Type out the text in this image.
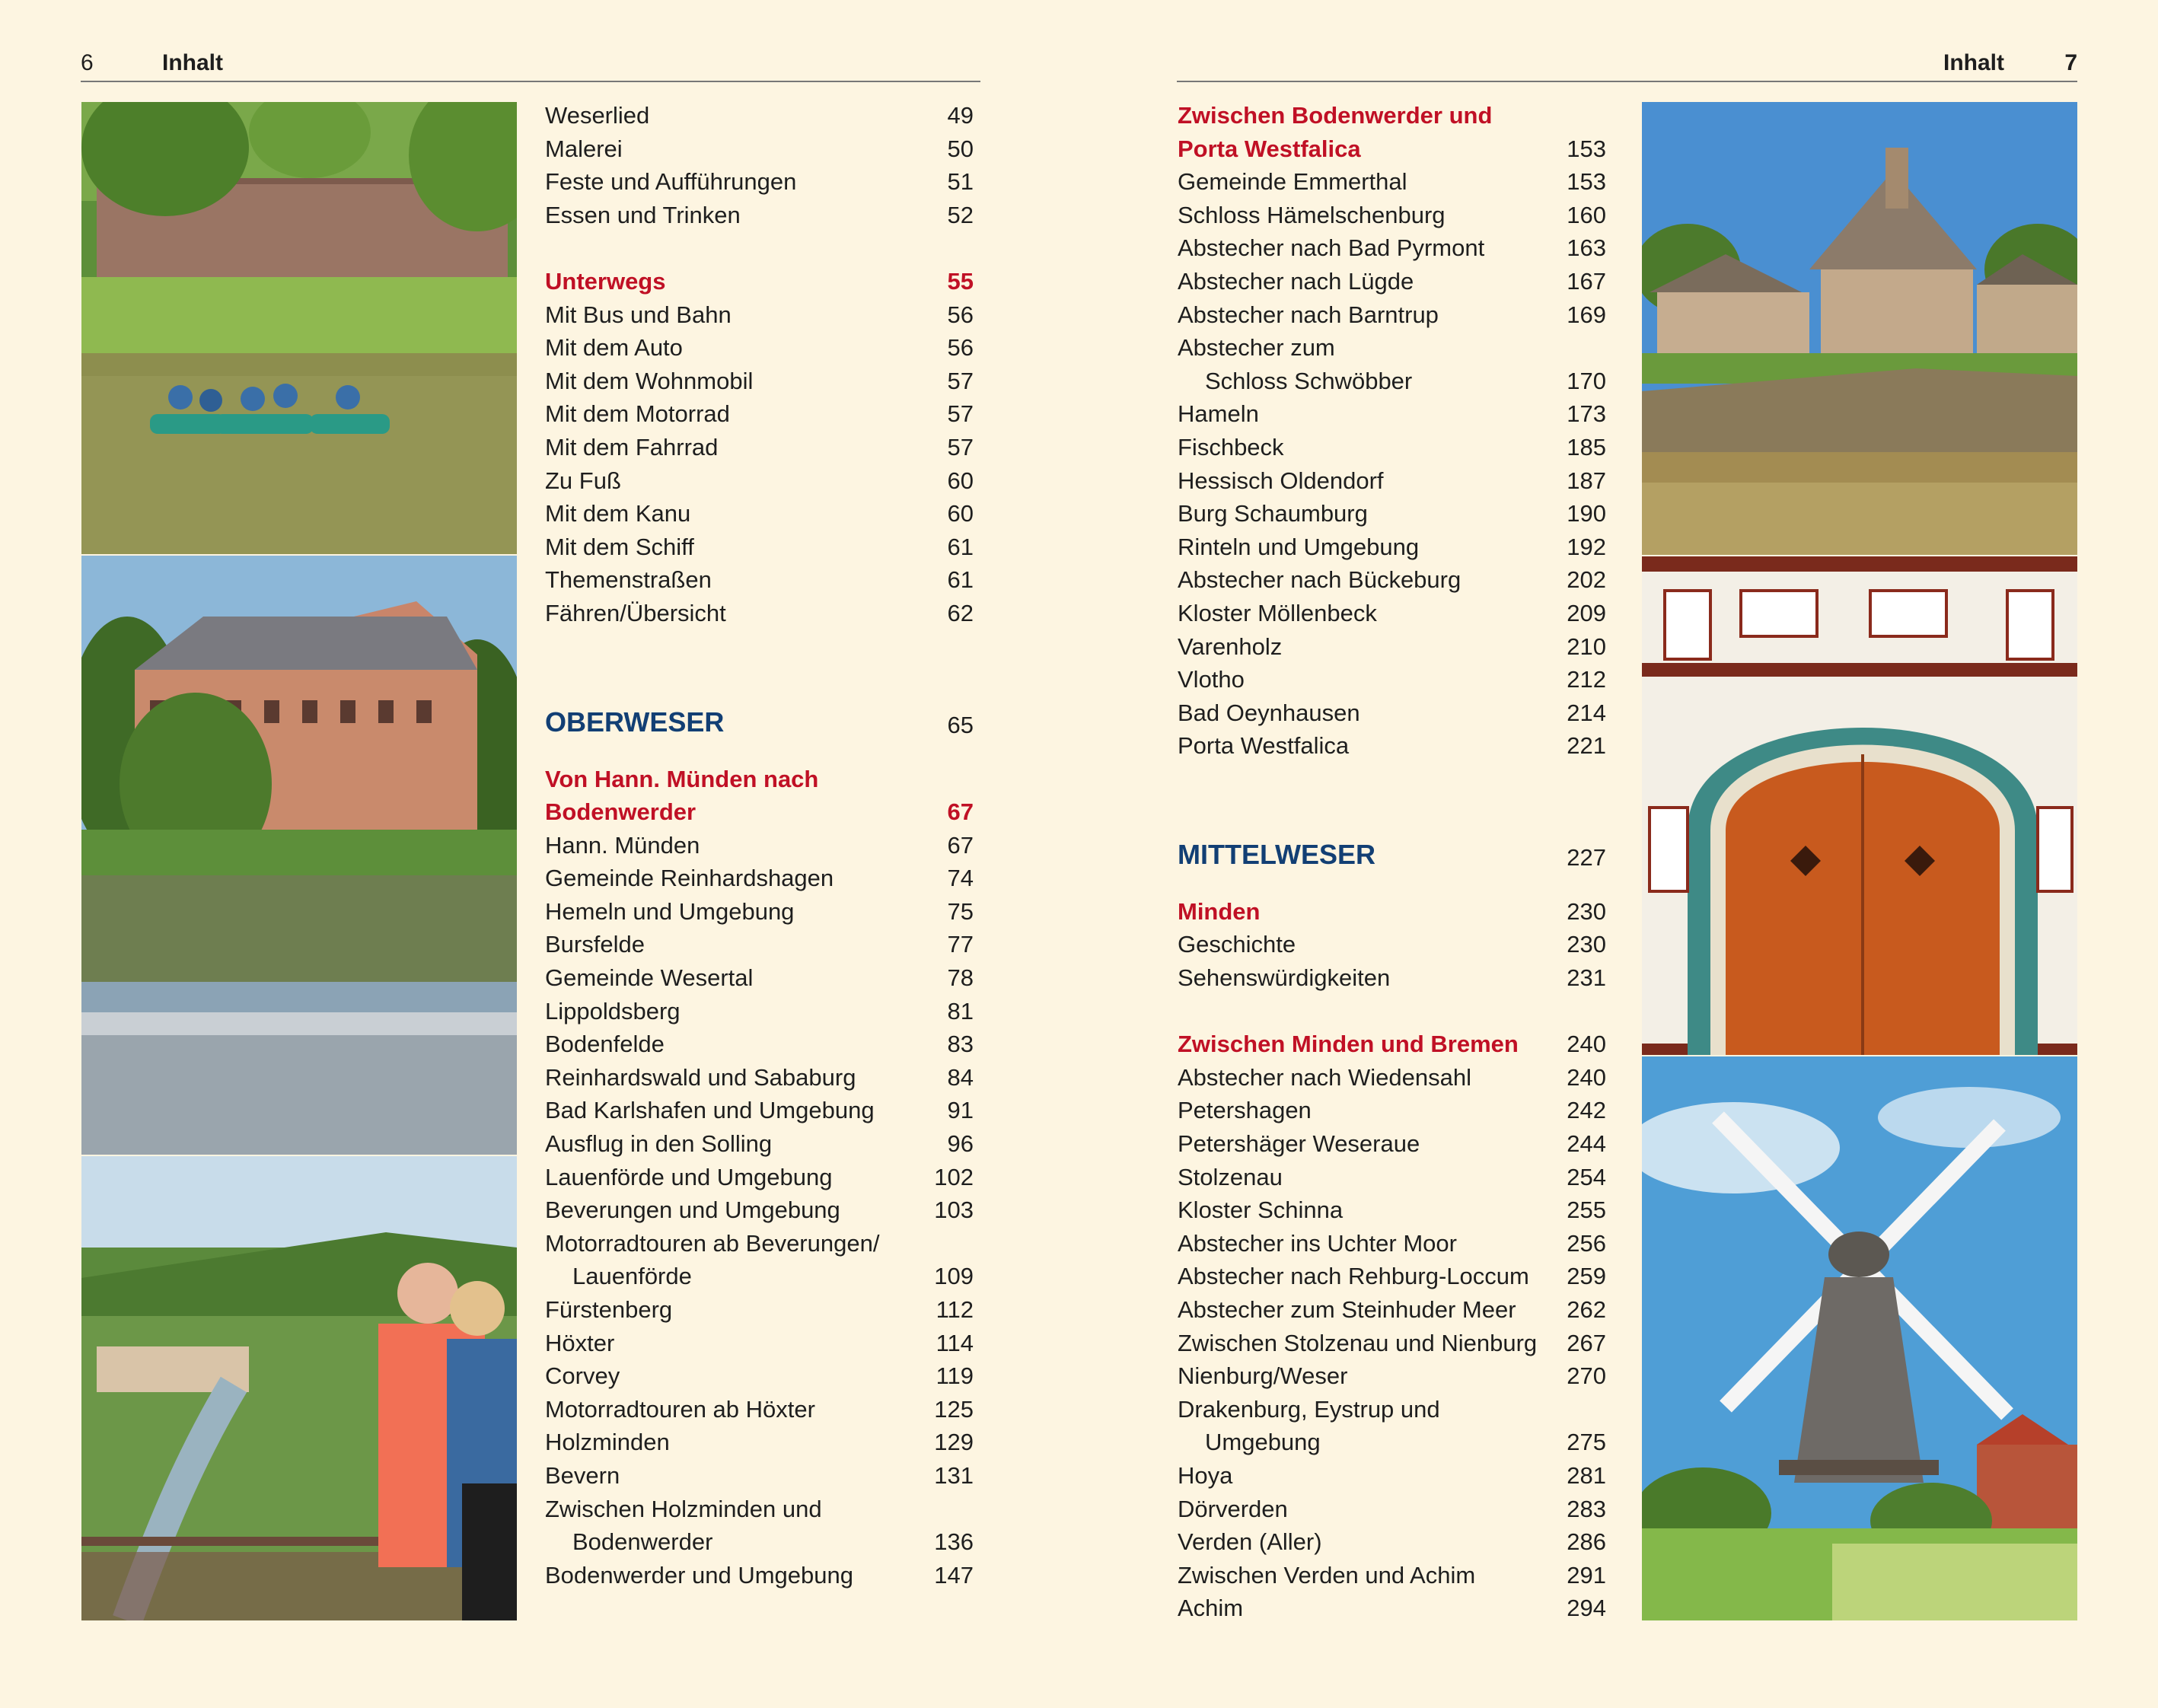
6	Inhalt	Inhalt	7
Weserlied	49
Malerei	50
Feste und Aufführungen	51
Essen und Trinken	52
Unterwegs	55
Mit Bus und Bahn	56
Mit dem Auto	56
Mit dem Wohnmobil	57
Mit dem Motorrad	57
Mit dem Fahrrad	57
Zu Fuß	60
Mit dem Kanu	60
Mit dem Schiff	61
Themenstraßen	61
Fähren/Übersicht	62
OBERWESER	65
Von Hann. Münden nach
Bodenwerder	67
Hann. Münden	67
Gemeinde Reinhardshagen	74
Hemeln und Umgebung	75
Bursfelde	77
Gemeinde Wesertal	78
Lippoldsberg	81
Bodenfelde	83
Reinhardswald und Sababurg	84
Bad Karlshafen und Umgebung	91
Ausflug in den Solling	96
Lauenförde und Umgebung	102
Beverungen und Umgebung	103
Motorradtouren ab Beverungen/
Lauenförde	109
Fürstenberg	112
Höxter	114
Corvey	119
Motorradtouren ab Höxter	125
Holzminden	129
Bevern	131
Zwischen Holzminden und
Bodenwerder	136
Bodenwerder und Umgebung	147
Zwischen Bodenwerder und
Porta Westfalica	153
Gemeinde Emmerthal	153
Schloss Hämelschenburg	160
Abstecher nach Bad Pyrmont	163
Abstecher nach Lügde	167
Abstecher nach Barntrup	169
Abstecher zum
Schloss Schwöbber	170
Hameln	173
Fischbeck	185
Hessisch Oldendorf	187
Burg Schaumburg	190
Rinteln und Umgebung	192
Abstecher nach Bückeburg	202
Kloster Möllenbeck	209
Varenholz	210
Vlotho	212
Bad Oeynhausen	214
Porta Westfalica	221
MITTELWESER	227
Minden	230
Geschichte	230
Sehenswürdigkeiten	231
Zwischen Minden und Bremen 240
Abstecher nach Wiedensahl	240
Petershagen	242
Petershäger Weseraue	244
Stolzenau	254
Kloster Schinna	255
Abstecher ins Uchter Moor	256
Abstecher nach Rehburg-Loccum 259
Abstecher zum Steinhuder Meer 262
Zwischen Stolzenau und Nienburg 267
Nienburg/Weser	270
Drakenburg, Eystrup und
Umgebung	275
Hoya	281
Dörverden	283
Verden (Aller)	286
Zwischen Verden und Achim	291
Achim	294
